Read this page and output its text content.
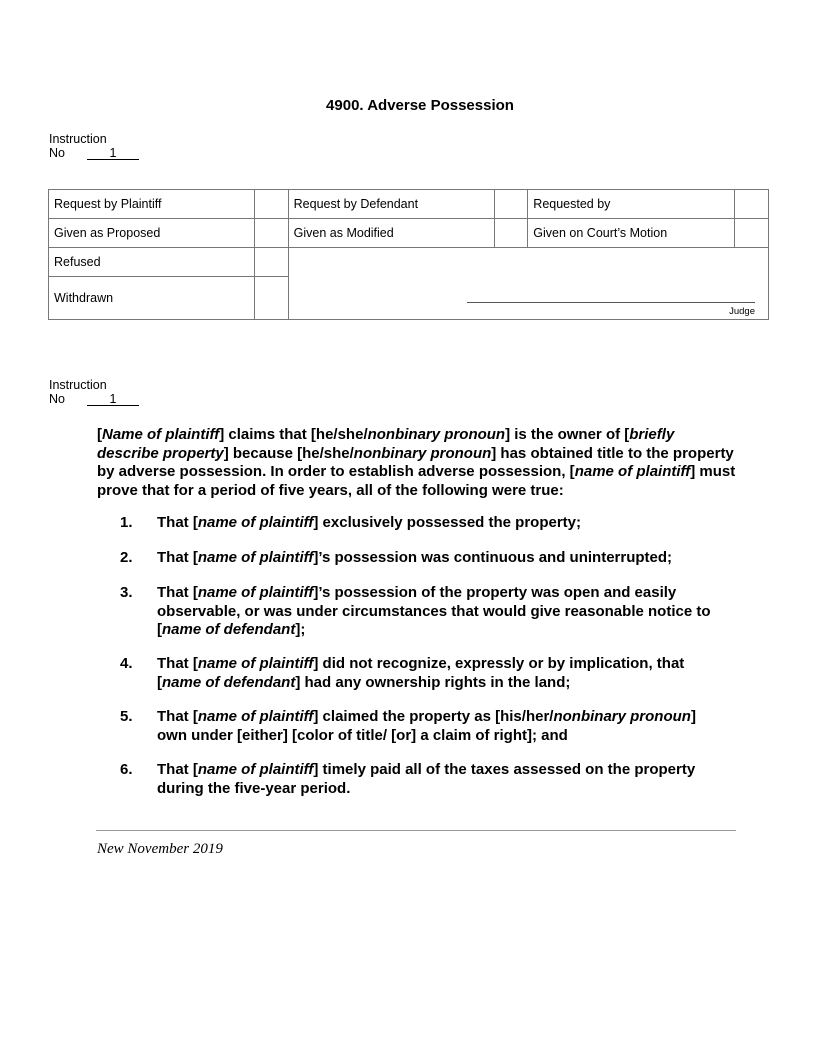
4900. Adverse Possession
Instruction
No	1
Request by Plaintiff		Request by Defendant		Requested by	
Given as Proposed		Given as Modified		Given on Court’s Motion	
Refused		Judge			

Withdrawn					
Instruction
No	1
[Name of plaintiff] claims that [he/she/nonbinary pronoun] is the owner of [briefly describe property] because [he/she/nonbinary pronoun] has obtained title to the property by adverse possession. In order to establish adverse possession, [name of plaintiff] must prove that for a period of five years, all of the following were true:
1. That [name of plaintiff] exclusively possessed the property;
2. That [name of plaintiff]’s possession was continuous and uninterrupted;
3. That [name of plaintiff]’s possession of the property was open and easily observable, or was under circumstances that would give reasonable notice to [name of defendant];
4. That [name of plaintiff] did not recognize, expressly or by implication, that [name of defendant] had any ownership rights in the land;
5. That [name of plaintiff] claimed the property as [his/her/nonbinary pronoun] own under [either] [color of title/ [or] a claim of right]; and
6. That [name of plaintiff] timely paid all of the taxes assessed on the property during the five-year period.
New November 2019
